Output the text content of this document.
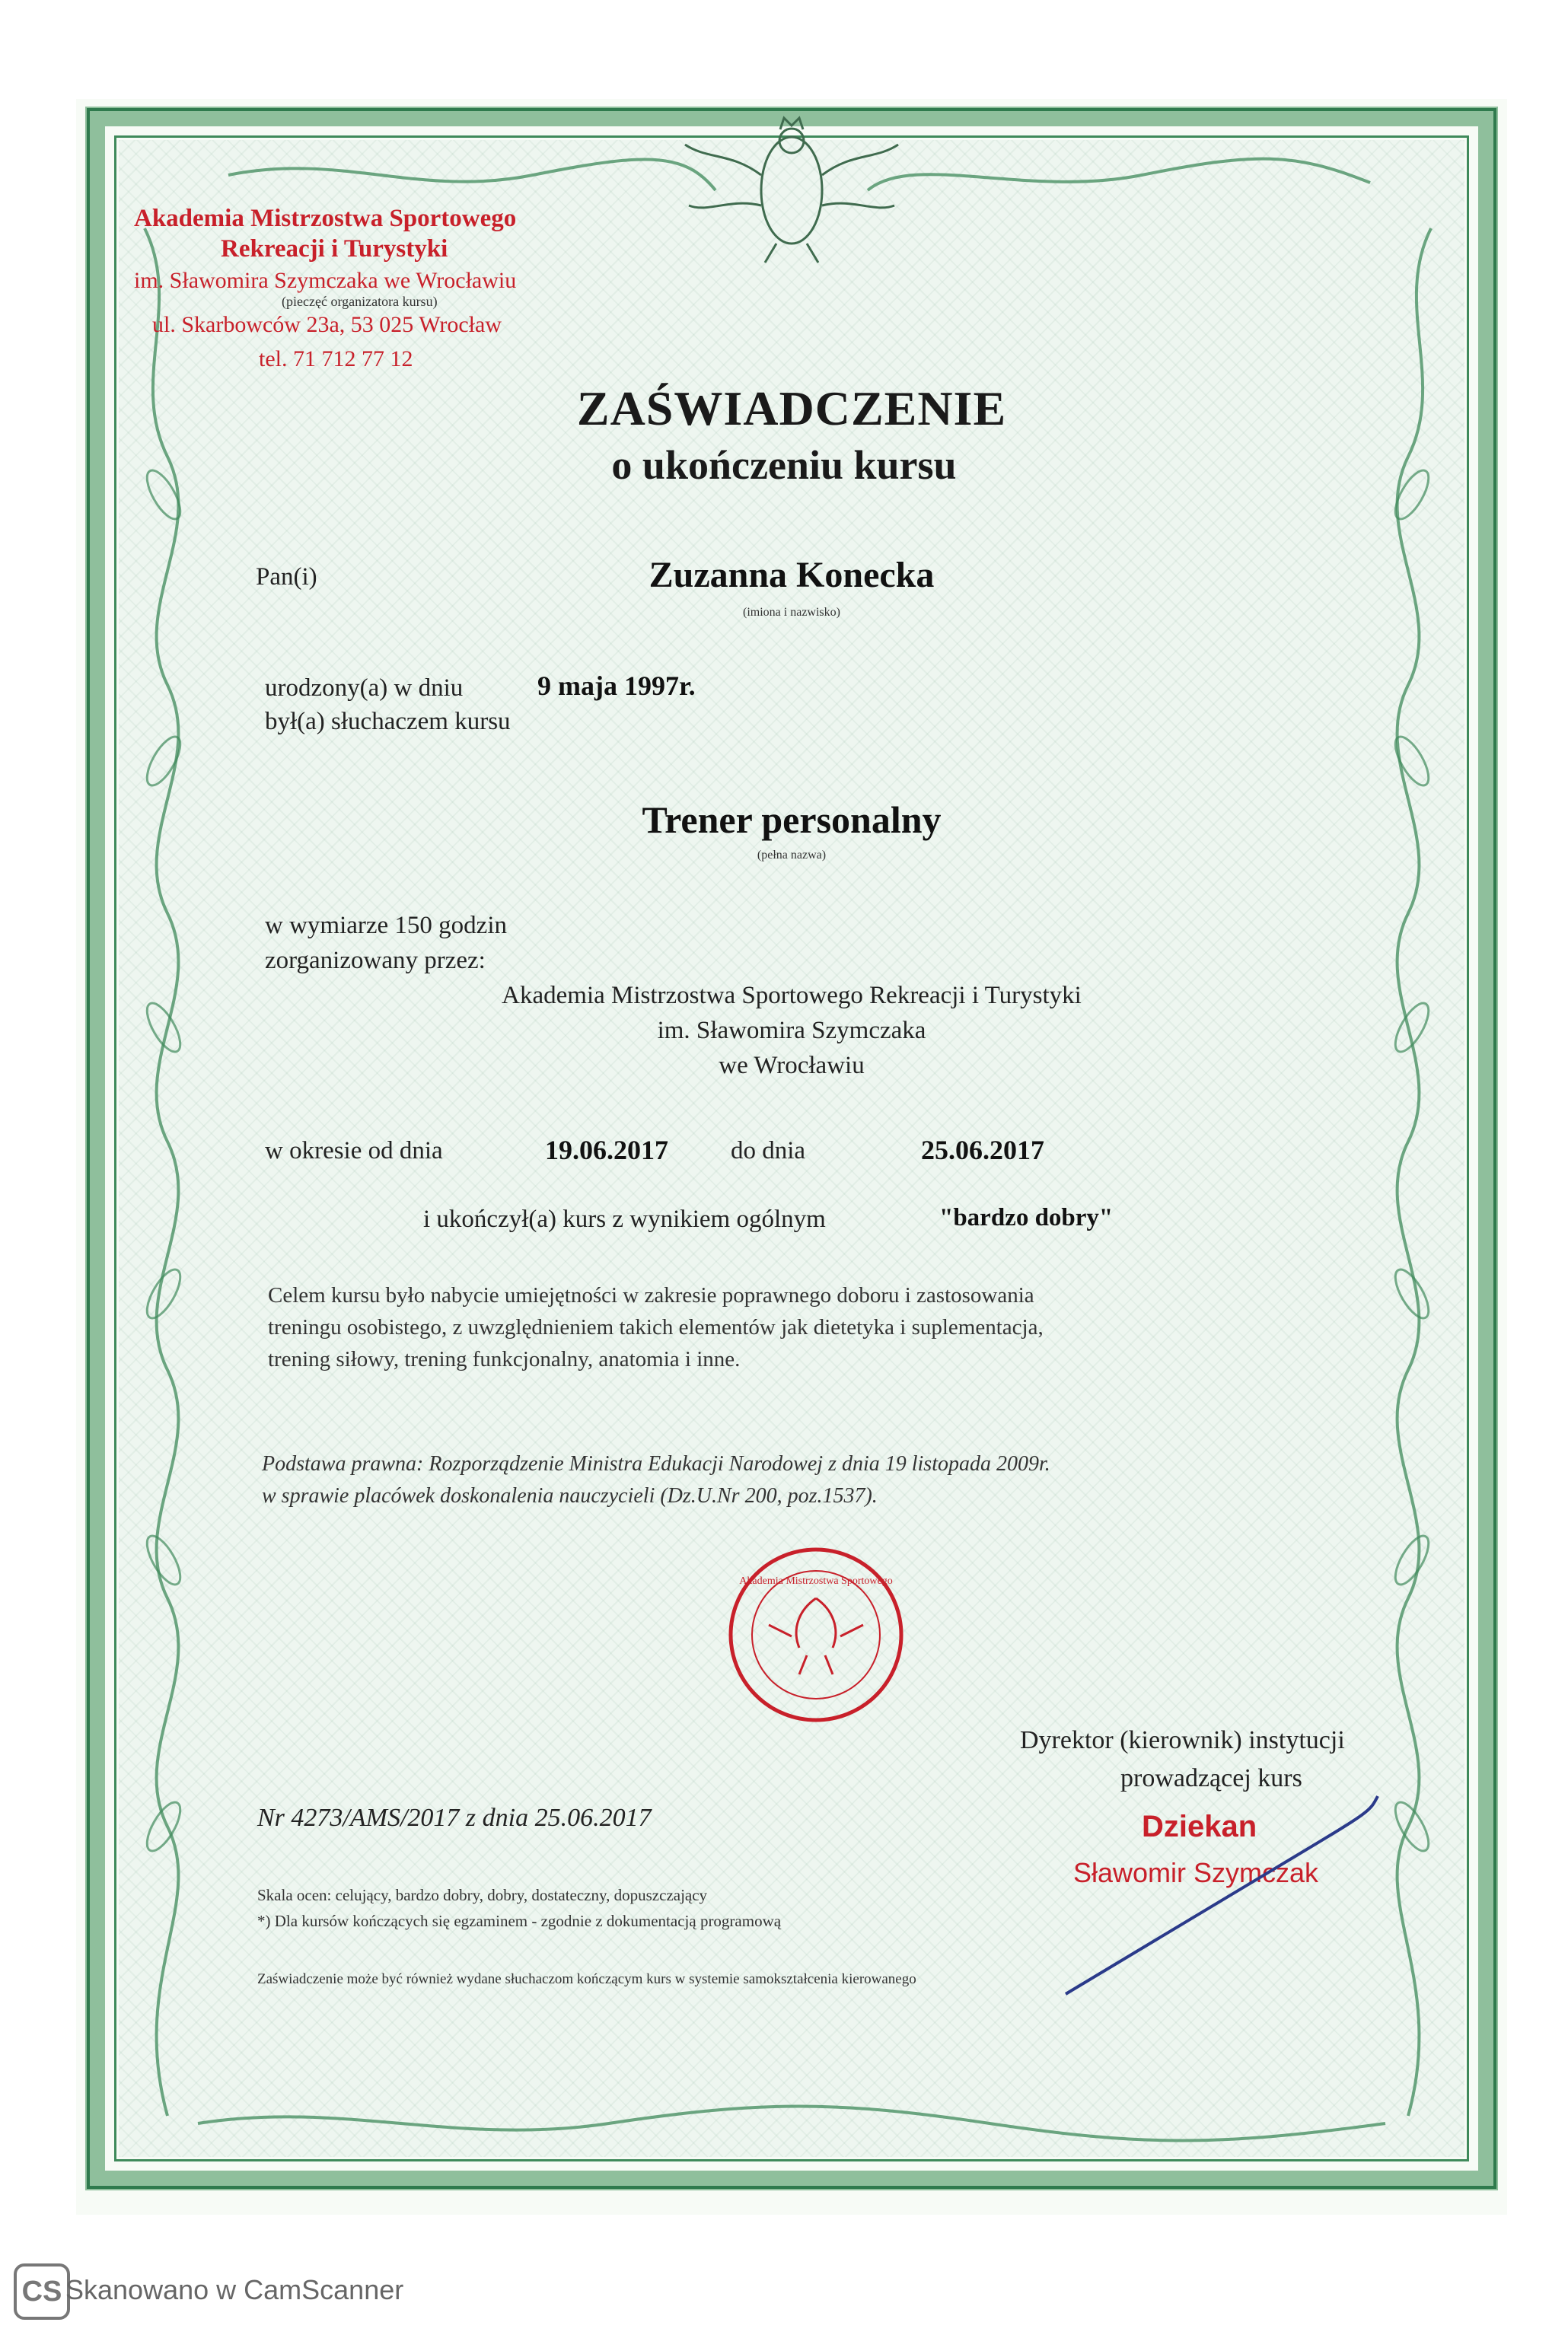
Akademia Mistrzostwa Sportowego
Rekreacji i Turystyki
im. Sławomira Szymczaka we Wrocławiu
(pieczęć organizatora kursu)
ul. Skarbowców 23a, 53 025 Wrocław
tel. 71 712 77 12
ZAŚWIADCZENIE
o ukończeniu kursu
Pan(i)	Zuzanna Konecka
(imiona i nazwisko)
urodzony(a) w dniu	9 maja 1997r.
był(a) słuchaczem kursu
Trener personalny
(pełna nazwa)
w wymiarze 150 godzin
zorganizowany przez:
Akademia Mistrzostwa Sportowego Rekreacji i Turystyki
im. Sławomira Szymczaka
we Wrocławiu
w okresie od dnia	19.06.2017 do dnia	25.06.2017
i ukończył(a) kurs z wynikiem ogólnym	"bardzo dobry"
Celem kursu było nabycie umiejętności w zakresie poprawnego doboru i zastosowania
treningu osobistego, z uwzględnieniem takich elementów jak dietetyka i suplementacja,
trening siłowy, trening funkcjonalny, anatomia i inne.
Podstawa prawna: Rozporządzenie Ministra Edukacji Narodowej z dnia 19 listopada 2009r.
w sprawie placówek doskonalenia nauczycieli (Dz.U.Nr 200, poz.1537).
Akademia Mistrzostwa Sportowego
Dyrektor (kierownik) instytucji
prowadzącej kurs
Dziekan
Sławomir Szymczak
Nr 4273/AMS/2017 z dnia 25.06.2017
Skala ocen: celujący, bardzo dobry, dobry, dostateczny, dopuszczający
*) Dla kursów kończących się egzaminem - zgodnie z dokumentacją programową
Zaświadczenie może być również wydane słuchaczom kończącym kurs w systemie samokształcenia kierowanego
CS Skanowano w CamScanner
